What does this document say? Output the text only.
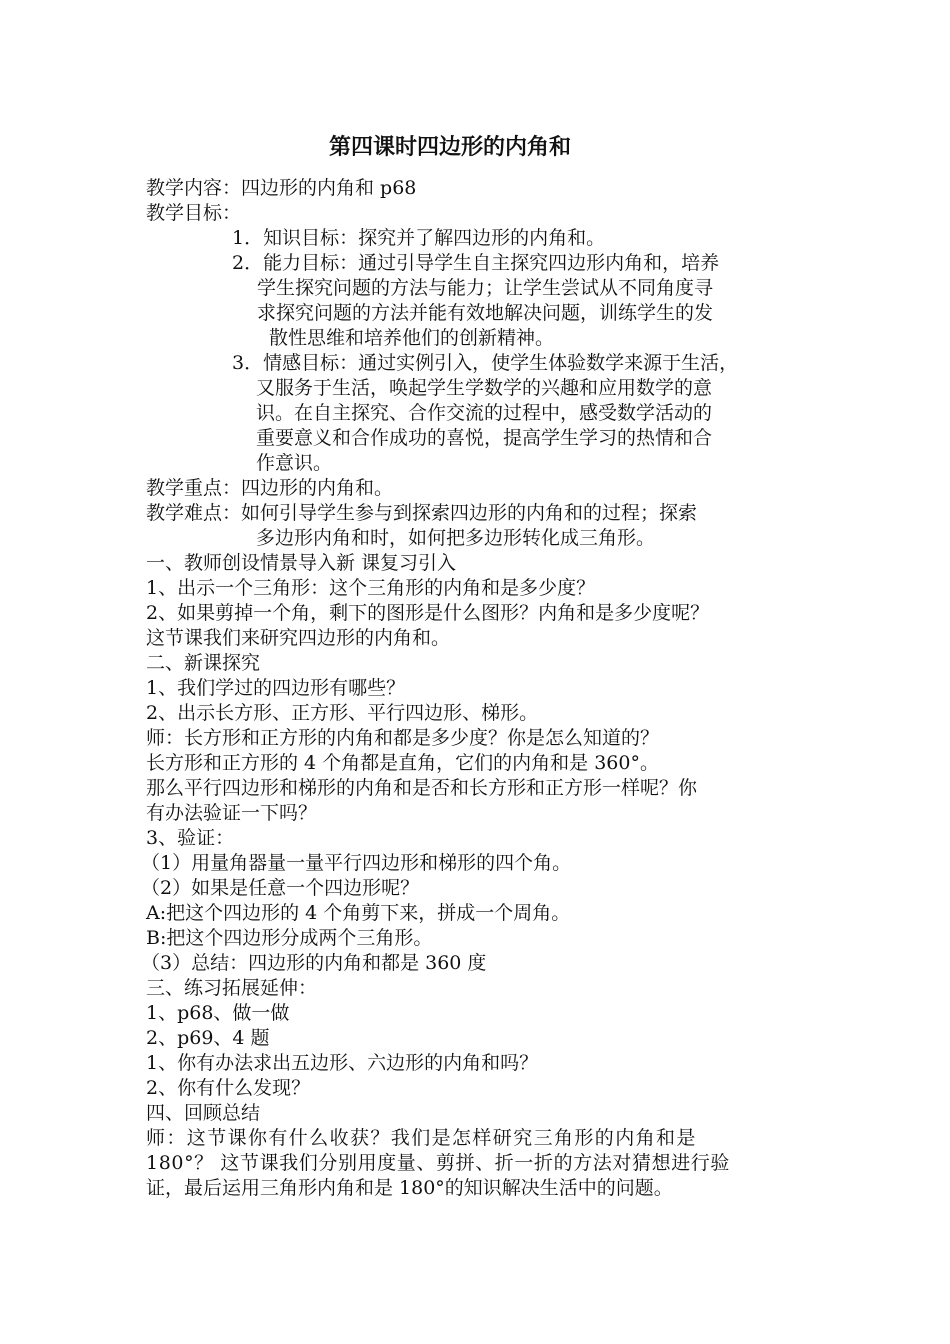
第四课时四边形的内角和
教学内容：四边形的内角和 p68
教学目标：
1．知识目标：探究并了解四边形的内角和。
2．能力目标：通过引导学生自主探究四边形内角和，培养
学生探究问题的方法与能力；让学生尝试从不同角度寻
求探究问题的方法并能有效地解决问题，训练学生的发
散性思维和培养他们的创新精神。
3．情感目标：通过实例引入，使学生体验数学来源于生活，
又服务于生活，唤起学生学数学的兴趣和应用数学的意
识。在自主探究、合作交流的过程中，感受数学活动的
重要意义和合作成功的喜悦，提高学生学习的热情和合
作意识。
教学重点：四边形的内角和。
教学难点：如何引导学生参与到探索四边形的内角和的过程；探索
多边形内角和时，如何把多边形转化成三角形。
一、教师创设情景导入新 课复习引入
1、出示一个三角形：这个三角形的内角和是多少度？
2、如果剪掉一个角，剩下的图形是什么图形？内角和是多少度呢？
这节课我们来研究四边形的内角和。
二、新课探究
1、我们学过的四边形有哪些？
2、出示长方形、正方形、平行四边形、梯形。
师：长方形和正方形的内角和都是多少度？你是怎么知道的？
长方形和正方形的 4 个角都是直角，它们的内角和是 360°。
那么平行四边形和梯形的内角和是否和长方形和正方形一样呢？你
有办法验证一下吗？
3、验证：
（1）用量角器量一量平行四边形和梯形的四个角。
（2）如果是任意一个四边形呢？
A:把这个四边形的 4 个角剪下来，拼成一个周角。
B:把这个四边形分成两个三角形。
（3）总结：四边形的内角和都是 360 度
三、练习拓展延伸：
1、p68、做一做
2、p69、4 题
1、你有办法求出五边形、六边形的内角和吗？
2、你有什么发现？
四、回顾总结
师：这节课你有什么收获？我们是怎样研究三角形的内角和是
180°？ 这节课我们分别用度量、剪拼、折一折的方法对猜想进行验
证，最后运用三角形内角和是 180°的知识解决生活中的问题。
